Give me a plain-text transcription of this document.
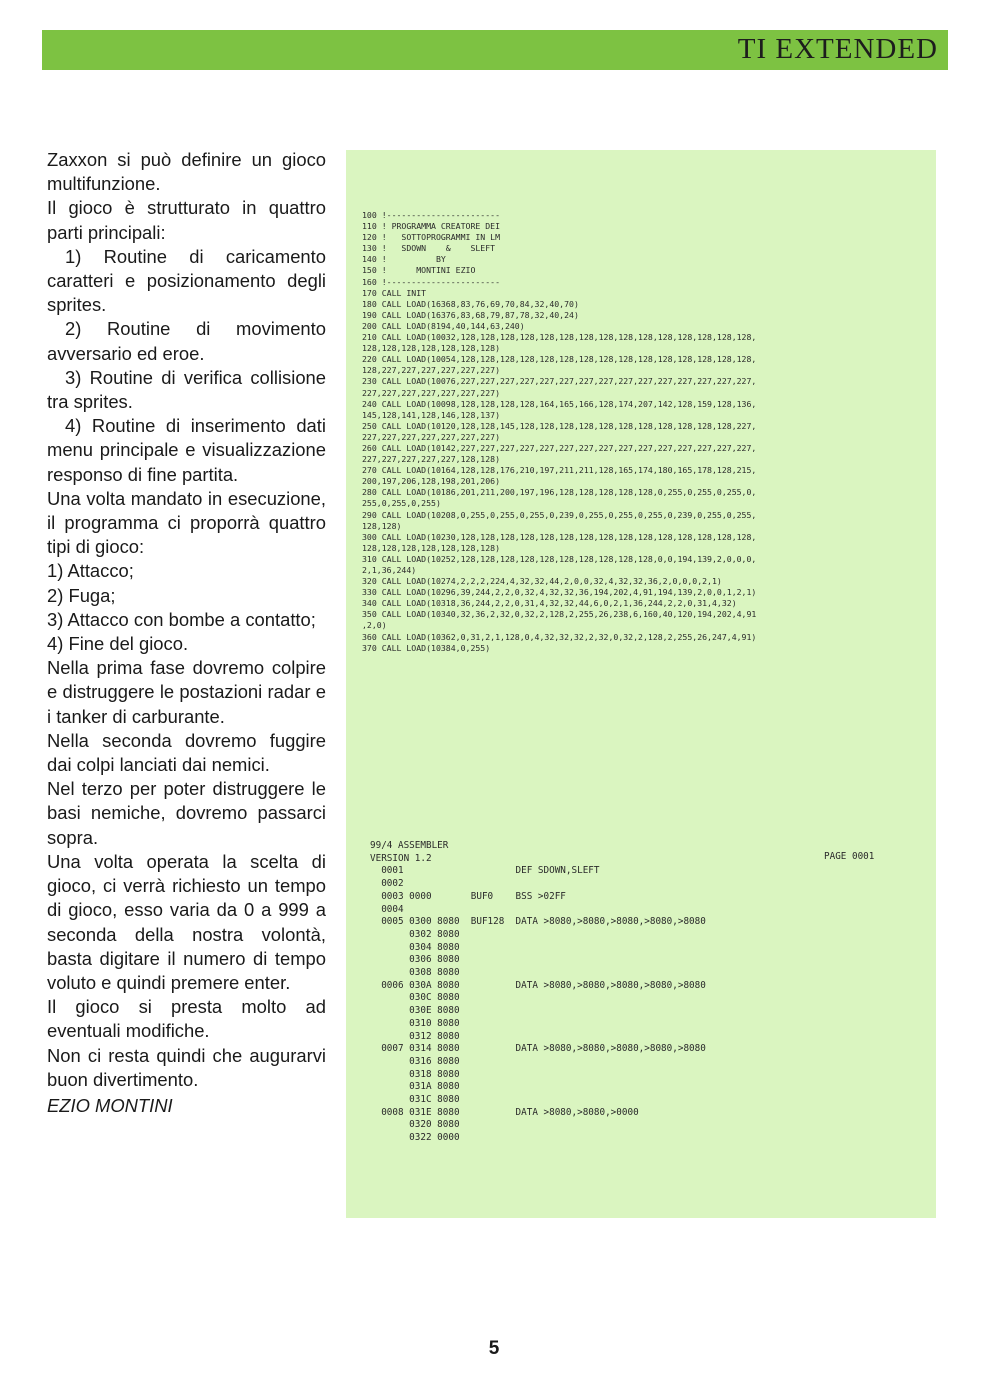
TI EXTENDED

Zaxxon si può definire un gioco multifunzione.

Il gioco è strutturato in quattro parti principali:

1) Routine di caricamento caratteri e posizionamento degli sprites.

2) Routine di movimento avversario ed eroe.

3) Routine di verifica collisione tra sprites.

4) Routine di inserimento dati menu principale e visualizzazione responso di fine partita.

Una volta mandato in esecuzione, il programma ci proporrà quattro tipi di gioco:

1) Attacco;

2) Fuga;

3) Attacco con bombe a contatto;

4) Fine del gioco.

Nella prima fase dovremo colpire e distruggere le postazioni radar e i tanker di carburante.

Nella seconda dovremo fuggire dai colpi lanciati dai nemici.

Nel terzo per poter distruggere le basi nemiche, dovremo passarci sopra.

Una volta operata la scelta di gioco, ci verrà richiesto un tempo di gioco, esso varia da 0 a 999 a seconda della nostra volontà, basta digitare il numero di tempo voluto e quindi premere enter.

Il gioco si presta molto ad eventuali modifiche.

Non ci resta quindi che augurarvi buon divertimento.

EZIO MONTINI

100 !-----------------------
110 ! PROGRAMMA CREATORE DEI
120 !   SOTTOPROGRAMMI IN LM
130 !   SDOWN    &    SLEFT
140 !          BY
150 !      MONTINI EZIO
160 !-----------------------
170 CALL INIT
180 CALL LOAD(16368,83,76,69,70,84,32,40,70)
190 CALL LOAD(16376,83,68,79,87,78,32,40,24)
200 CALL LOAD(8194,40,144,63,240)
210 CALL LOAD(10032,128,128,128,128,128,128,128,128,128,128,128,128,128,128,128,
128,128,128,128,128,128,128)
220 CALL LOAD(10054,128,128,128,128,128,128,128,128,128,128,128,128,128,128,128,
128,227,227,227,227,227,227)
230 CALL LOAD(10076,227,227,227,227,227,227,227,227,227,227,227,227,227,227,227,
227,227,227,227,227,227,227)
240 CALL LOAD(10098,128,128,128,128,164,165,166,128,174,207,142,128,159,128,136,
145,128,141,128,146,128,137)
250 CALL LOAD(10120,128,128,145,128,128,128,128,128,128,128,128,128,128,128,227,
227,227,227,227,227,227,227)
260 CALL LOAD(10142,227,227,227,227,227,227,227,227,227,227,227,227,227,227,227,
227,227,227,227,227,128,128)
270 CALL LOAD(10164,128,128,176,210,197,211,211,128,165,174,180,165,178,128,215,
200,197,206,128,198,201,206)
280 CALL LOAD(10186,201,211,200,197,196,128,128,128,128,128,0,255,0,255,0,255,0,
255,0,255,0,255)
290 CALL LOAD(10208,0,255,0,255,0,255,0,239,0,255,0,255,0,255,0,239,0,255,0,255,
128,128)
300 CALL LOAD(10230,128,128,128,128,128,128,128,128,128,128,128,128,128,128,128,
128,128,128,128,128,128,128)
310 CALL LOAD(10252,128,128,128,128,128,128,128,128,128,128,0,0,194,139,2,0,0,0,
2,1,36,244)
320 CALL LOAD(10274,2,2,2,224,4,32,32,44,2,0,0,32,4,32,32,36,2,0,0,0,2,1)
330 CALL LOAD(10296,39,244,2,2,0,32,4,32,32,36,194,202,4,91,194,139,2,0,0,1,2,1)
340 CALL LOAD(10318,36,244,2,2,0,31,4,32,32,44,6,0,2,1,36,244,2,2,0,31,4,32)
350 CALL LOAD(10340,32,36,2,32,0,32,2,128,2,255,26,238,6,160,40,120,194,202,4,91
,2,0)
360 CALL LOAD(10362,0,31,2,1,128,0,4,32,32,32,2,32,0,32,2,128,2,255,26,247,4,91)
370 CALL LOAD(10384,0,255)

99/4 ASSEMBLER
VERSION 1.2
0001                    DEF SDOWN,SLEFT
0002
0003 0000       BUF0    BSS >02FF
0004
0005 0300 8080  BUF128  DATA >8080,>8080,>8080,>8080,>8080
0302 8080
0304 8080
0306 8080
0308 8080
0006 030A 8080          DATA >8080,>8080,>8080,>8080,>8080
030C 8080
030E 8080
0310 8080
0312 8080
0007 0314 8080          DATA >8080,>8080,>8080,>8080,>8080
0316 8080
0318 8080
031A 8080
031C 8080
0008 031E 8080          DATA >8080,>8080,>0000
0320 8080
0322 0000

PAGE 0001
5
